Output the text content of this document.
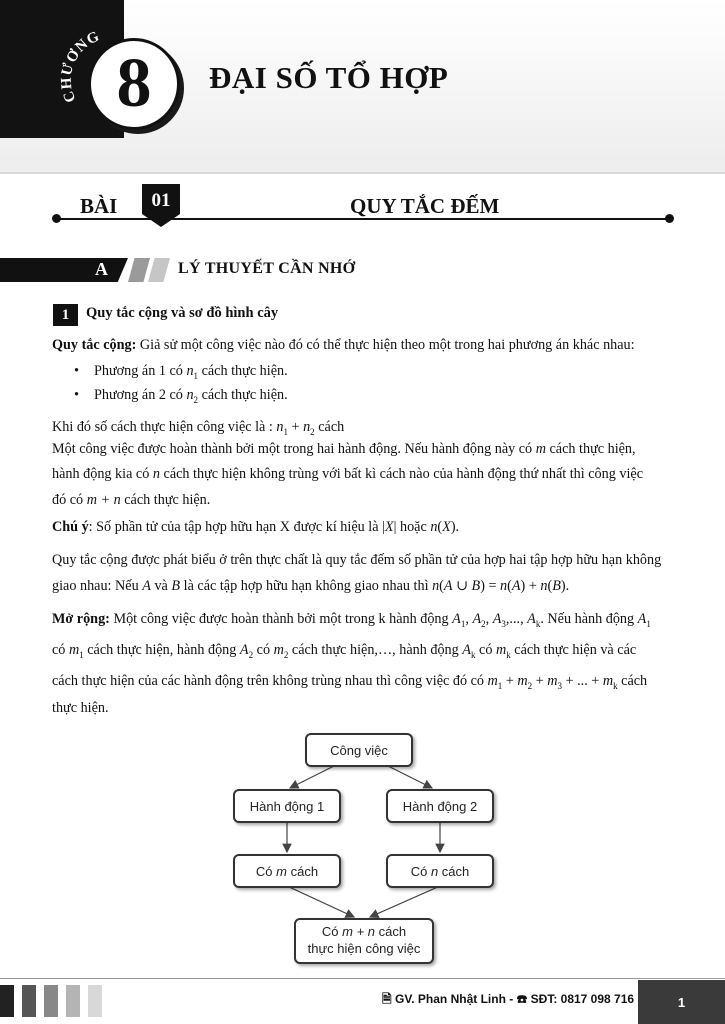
CHƯƠNG
8	ĐẠI SỐ TỔ HỢP
BÀI	01	QUY TẮC ĐẾM
A	LÝ THUYẾT CẦN NHỚ
1	Quy tắc cộng và sơ đồ hình cây
Quy tắc cộng: Giả sử một công việc nào đó có thể thực hiện theo một trong hai phương án khác nhau:
• Phương án 1 có $n_1$ cách thực hiện.
• Phương án 2 có $n_2$ cách thực hiện.
Khi đó số cách thực hiện công việc là : $n_1 + n_2$ cách
Một công việc được hoàn thành bởi một trong hai hành động. Nếu hành động này có m cách thực hiện,
hành động kia có n cách thực hiện không trùng với bất kì cách nào của hành động thứ nhất thì công việc
đó có m + n cách thực hiện.
Chú ý: Số phần tử của tập hợp hữu hạn X được kí hiệu là |X| hoặc n(X).
Quy tắc cộng được phát biểu ở trên thực chất là quy tắc đếm số phần tử của hợp hai tập hợp hữu hạn không
giao nhau: Nếu A và B là các tập hợp hữu hạn không giao nhau thì n(A ∪ B) = n(A) + n(B).
Mở rộng: Một công việc được hoàn thành bởi một trong k hành động $A_1$, $A_2$, $A_3$,..., $A_k$. Nếu hành động $A_1$
có $m_1$ cách thực hiện, hành động $A_2$ có $m_2$ cách thực hiện,…, hành động $A_k$ có $m_k$ cách thực hiện và các
cách thực hiện của các hành động trên không trùng nhau thì công việc đó có $m_1 + m_2 + m_3$ + ... + $m_k$ cách
thực hiện.
Công việc
Hành động 1	Hành động 2
Có m cách	Có n cách
Có m + n cách
thực hiện công việc
🗎 GV. Phan Nhật Linh - ☎ SĐT: 0817 098 716	1
